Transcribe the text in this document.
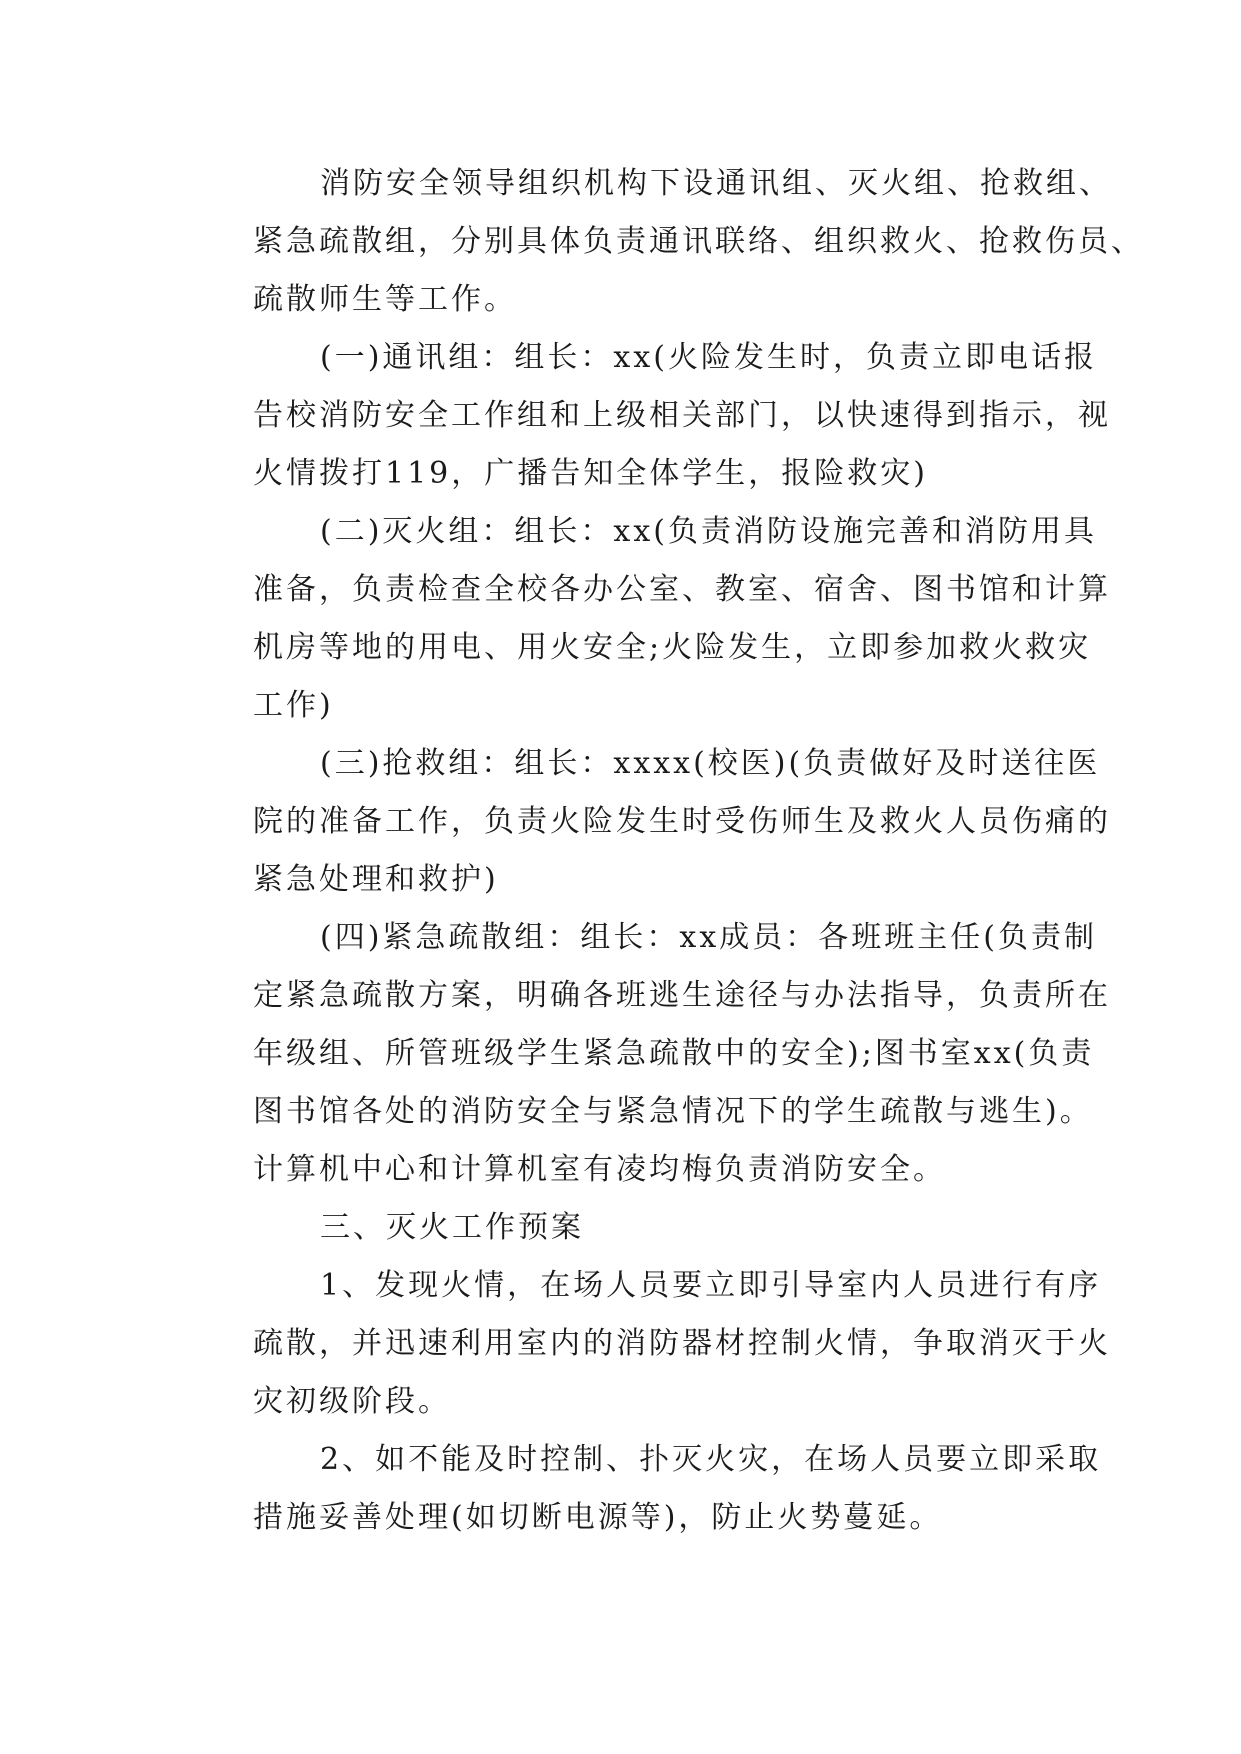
消防安全领导组织机构下设通讯组、灭火组、抢救组、
紧急疏散组，分别具体负责通讯联络、组织救火、抢救伤员、
疏散师生等工作。
(一)通讯组：组长：xx(火险发生时，负责立即电话报
告校消防安全工作组和上级相关部门，以快速得到指示，视
火情拨打119，广播告知全体学生，报险救灾)
(二)灭火组：组长：xx(负责消防设施完善和消防用具
准备，负责检查全校各办公室、教室、宿舍、图书馆和计算
机房等地的用电、用火安全;火险发生，立即参加救火救灾
工作)
(三)抢救组：组长：xxxx(校医)(负责做好及时送往医
院的准备工作，负责火险发生时受伤师生及救火人员伤痛的
紧急处理和救护)
(四)紧急疏散组：组长：xx成员：各班班主任(负责制
定紧急疏散方案，明确各班逃生途径与办法指导，负责所在
年级组、所管班级学生紧急疏散中的安全);图书室xx(负责
图书馆各处的消防安全与紧急情况下的学生疏散与逃生)。
计算机中心和计算机室有凌均梅负责消防安全。
三、灭火工作预案
1、发现火情，在场人员要立即引导室内人员进行有序
疏散，并迅速利用室内的消防器材控制火情，争取消灭于火
灾初级阶段。
2、如不能及时控制、扑灭火灾，在场人员要立即采取
措施妥善处理(如切断电源等)，防止火势蔓延。
